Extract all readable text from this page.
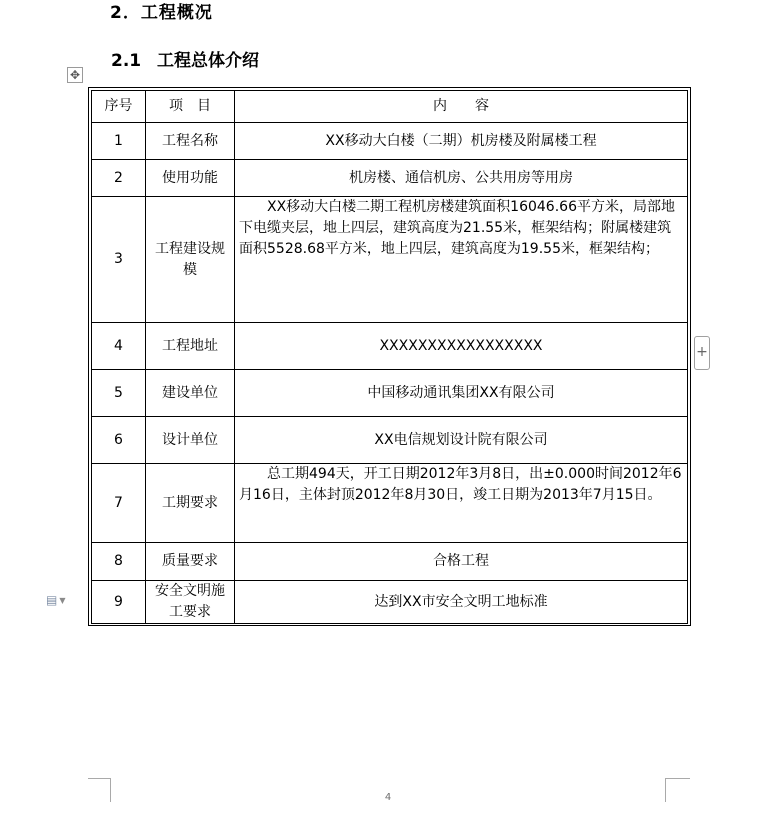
2．工程概况
2.1 工程总体介绍
✥
序号	项　目	内　　容
1	工程名称	XX移动大白楼（二期）机房楼及附属楼工程
2	使用功能	机房楼、通信机房、公共用房等用房
3	工程建设规模	XX移动大白楼二期工程机房楼建筑面积16046.66平方米，局部地下电缆夹层，地上四层，建筑高度为21.55米，框架结构；附属楼建筑面积5528.68平方米，地上四层，建筑高度为19.55米，框架结构；
4	工程地址	XXXXXXXXXXXXXXXXX
5	建设单位	中国移动通讯集团XX有限公司
6	设计单位	XX电信规划设计院有限公司
7	工期要求	总工期494天，开工日期2012年3月8日，出±0.000时间2012年6月16日，主体封顶2012年8月30日，竣工日期为2013年7月15日。
8	质量要求	合格工程
9	安全文明施工要求	达到XX市安全文明工地标准
+
▤ ▼
4
